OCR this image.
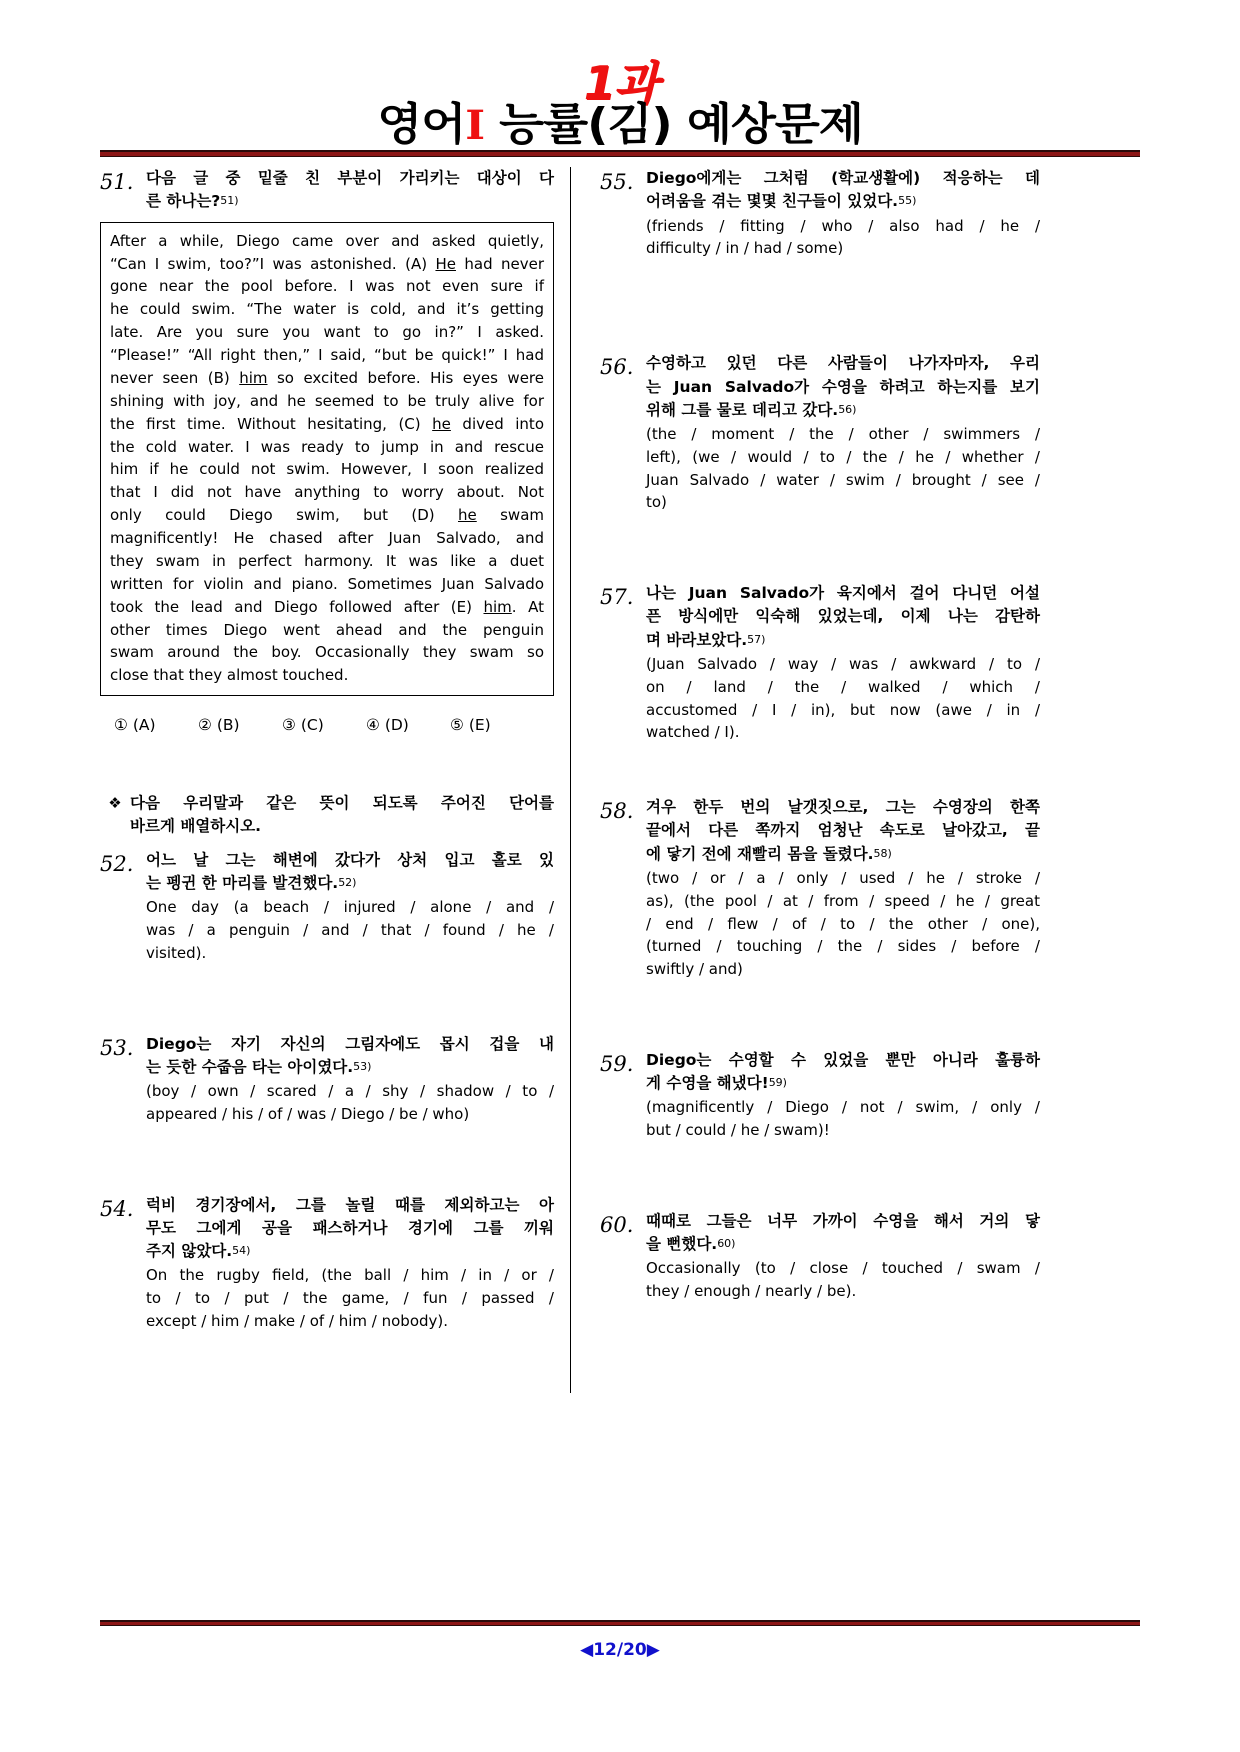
1과
영어Ⅰ 능률(김) 예상문제
51. 다음 글 중 밑줄 친 부분이 가리키는 대상이 다
른 하나는?51)
After a while, Diego came over and asked quietly,
“Can I swim, too?”I was astonished. (A) He had never
gone near the pool before. I was not even sure if
he could swim. “The water is cold, and it’s getting
late. Are you sure you want to go in?” I asked.
“Please!” “All right then,” I said, “but be quick!” I had
never seen (B) him so excited before. His eyes were
shining with joy, and he seemed to be truly alive for
the first time. Without hesitating, (C) he dived into
the cold water. I was ready to jump in and rescue
him if he could not swim. However, I soon realized
that I did not have anything to worry about. Not
only could Diego swim, but (D) he swam
magnificently! He chased after Juan Salvado, and
they swam in perfect harmony. It was like a duet
written for violin and piano. Sometimes Juan Salvado
took the lead and Diego followed after (E) him. At
other times Diego went ahead and the penguin
swam around the boy. Occasionally they swam so
close that they almost touched.
① (A)	② (B)	③ (C)	④ (D)	⑤ (E)
❖ 다음 우리말과 같은 뜻이 되도록 주어진 단어를
바르게 배열하시오.
52. 어느 날 그는 해변에 갔다가 상처 입고 홀로 있
는 펭귄 한 마리를 발견했다.52)
One day (a beach / injured / alone / and /
was / a penguin / and / that / found / he /
visited).
53. Diego는 자기 자신의 그림자에도 몹시 겁을 내
는 듯한 수줍음 타는 아이였다.53)
(boy / own / scared / a / shy / shadow / to /
appeared / his / of / was / Diego / be / who)
54. 럭비 경기장에서, 그를 놀릴 때를 제외하고는 아
무도 그에게 공을 패스하거나 경기에 그를 끼워
주지 않았다.54)
On the rugby field, (the ball / him / in / or /
to / to / put / the game, / fun / passed /
except / him / make / of / him / nobody).
55. Diego에게는 그처럼 (학교생활에) 적응하는 데
어려움을 겪는 몇몇 친구들이 있었다.55)
(friends / fitting / who / also had / he /
difficulty / in / had / some)
56. 수영하고 있던 다른 사람들이 나가자마자, 우리
는 Juan Salvado가 수영을 하려고 하는지를 보기
위해 그를 물로 데리고 갔다.56)
(the / moment / the / other / swimmers /
left), (we / would / to / the / he / whether /
Juan Salvado / water / swim / brought / see /
to)
57. 나는 Juan Salvado가 육지에서 걸어 다니던 어설
픈 방식에만 익숙해 있었는데, 이제 나는 감탄하
며 바라보았다.57)
(Juan Salvado / way / was / awkward / to /
on / land / the / walked / which /
accustomed / I / in), but now (awe / in /
watched / I).
58. 겨우 한두 번의 날갯짓으로, 그는 수영장의 한쪽
끝에서 다른 쪽까지 엄청난 속도로 날아갔고, 끝
에 닿기 전에 재빨리 몸을 돌렸다.58)
(two / or / a / only / used / he / stroke /
as), (the pool / at / from / speed / he / great
/ end / flew / of / to / the other / one),
(turned / touching / the / sides / before /
swiftly / and)
59. Diego는 수영할 수 있었을 뿐만 아니라 훌륭하
게 수영을 해냈다!59)
(magnificently / Diego / not / swim, / only /
but / could / he / swam)!
60. 때때로 그들은 너무 가까이 수영을 해서 거의 닿
을 뻔했다.60)
Occasionally (to / close / touched / swam /
they / enough / nearly / be).
◀12/20▶
